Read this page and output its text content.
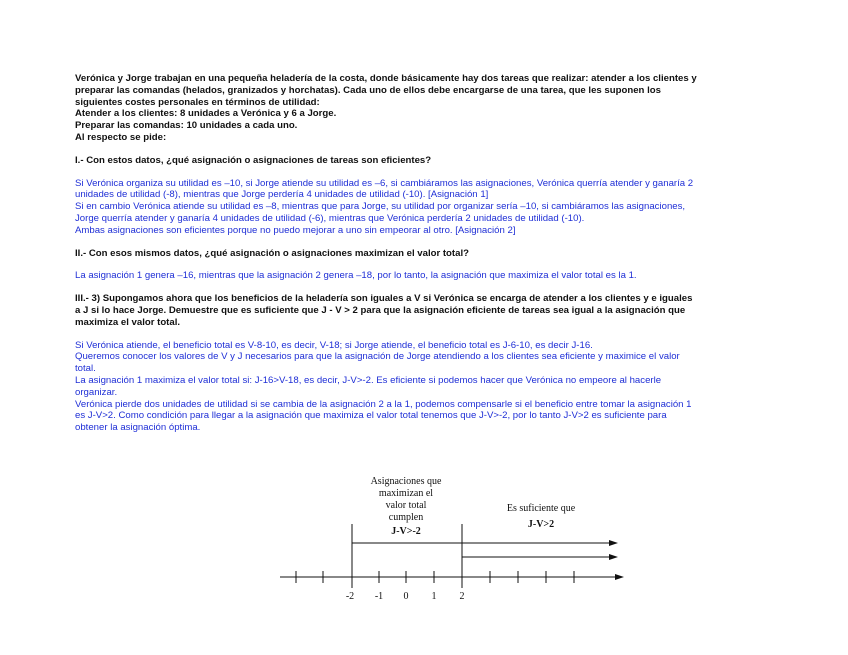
Verónica y Jorge trabajan en una pequeña heladería de la costa, donde básicamente hay dos tareas que realizar: atender a los clientes y
preparar las comandas (helados, granizados y horchatas). Cada uno de ellos debe encargarse de una tarea, que les suponen los
siguientes costes personales en términos de utilidad:
Atender a los clientes: 8 unidades a Verónica y 6 a Jorge.
Preparar las comandas: 10 unidades a cada uno.
Al respecto se pide:

I.- Con estos datos, ¿qué asignación o asignaciones de tareas son eficientes?

Si Verónica organiza su utilidad es –10, si Jorge atiende su utilidad es –6, si cambiáramos las asignaciones, Verónica querría atender y ganaría 2
unidades de utilidad (-8), mientras que Jorge perdería 4 unidades de utilidad (-10). [Asignación 1]
Si en cambio Verónica atiende su utilidad es –8, mientras que para Jorge, su utilidad por organizar sería –10, si cambiáramos las asignaciones,
Jorge querría atender y ganaría 4 unidades de utilidad (-6), mientras que Verónica perdería 2 unidades de utilidad (-10).
Ambas asignaciones son eficientes porque no puedo mejorar a uno sin empeorar al otro. [Asignación 2]

II.- Con esos mismos datos, ¿qué asignación o asignaciones maximizan el valor total?

La asignación 1 genera –16, mientras que la asignación 2 genera –18, por lo tanto, la asignación que maximiza el valor total es la 1.

III.- 3) Supongamos ahora que los beneficios de la heladería son iguales a V si Verónica se encarga de atender a los clientes y e iguales
a J si lo hace Jorge. Demuestre que es suficiente que J - V > 2 para que la asignación eficiente de tareas sea igual a la asignación que
maximiza el valor total.

Si Verónica atiende, el beneficio total es V-8-10, es decir, V-18; si Jorge atiende, el beneficio total es J-6-10, es decir J-16.
Queremos conocer los valores de V y J necesarios para que la asignación de Jorge atendiendo a los clientes sea eficiente y maximice el valor
total.
La asignación 1 maximiza el valor total si: J-16>V-18, es decir, J-V>-2. Es eficiente si podemos hacer que Verónica no empeore al hacerle
organizar.
Verónica pierde dos unidades de utilidad si se cambia de la asignación 2 a la 1, podemos compensarle si el beneficio entre tomar la asignación 1
es J-V>2. Como condición para llegar a la asignación que maximiza el valor total tenemos que J-V>-2, por lo tanto J-V>2 es suficiente para
obtener la asignación óptima.

Asignaciones que
maximizan el
valor total
cumplen
J-V>-2
Es suficiente que
J-V>2
-2 -1 0 1 2
